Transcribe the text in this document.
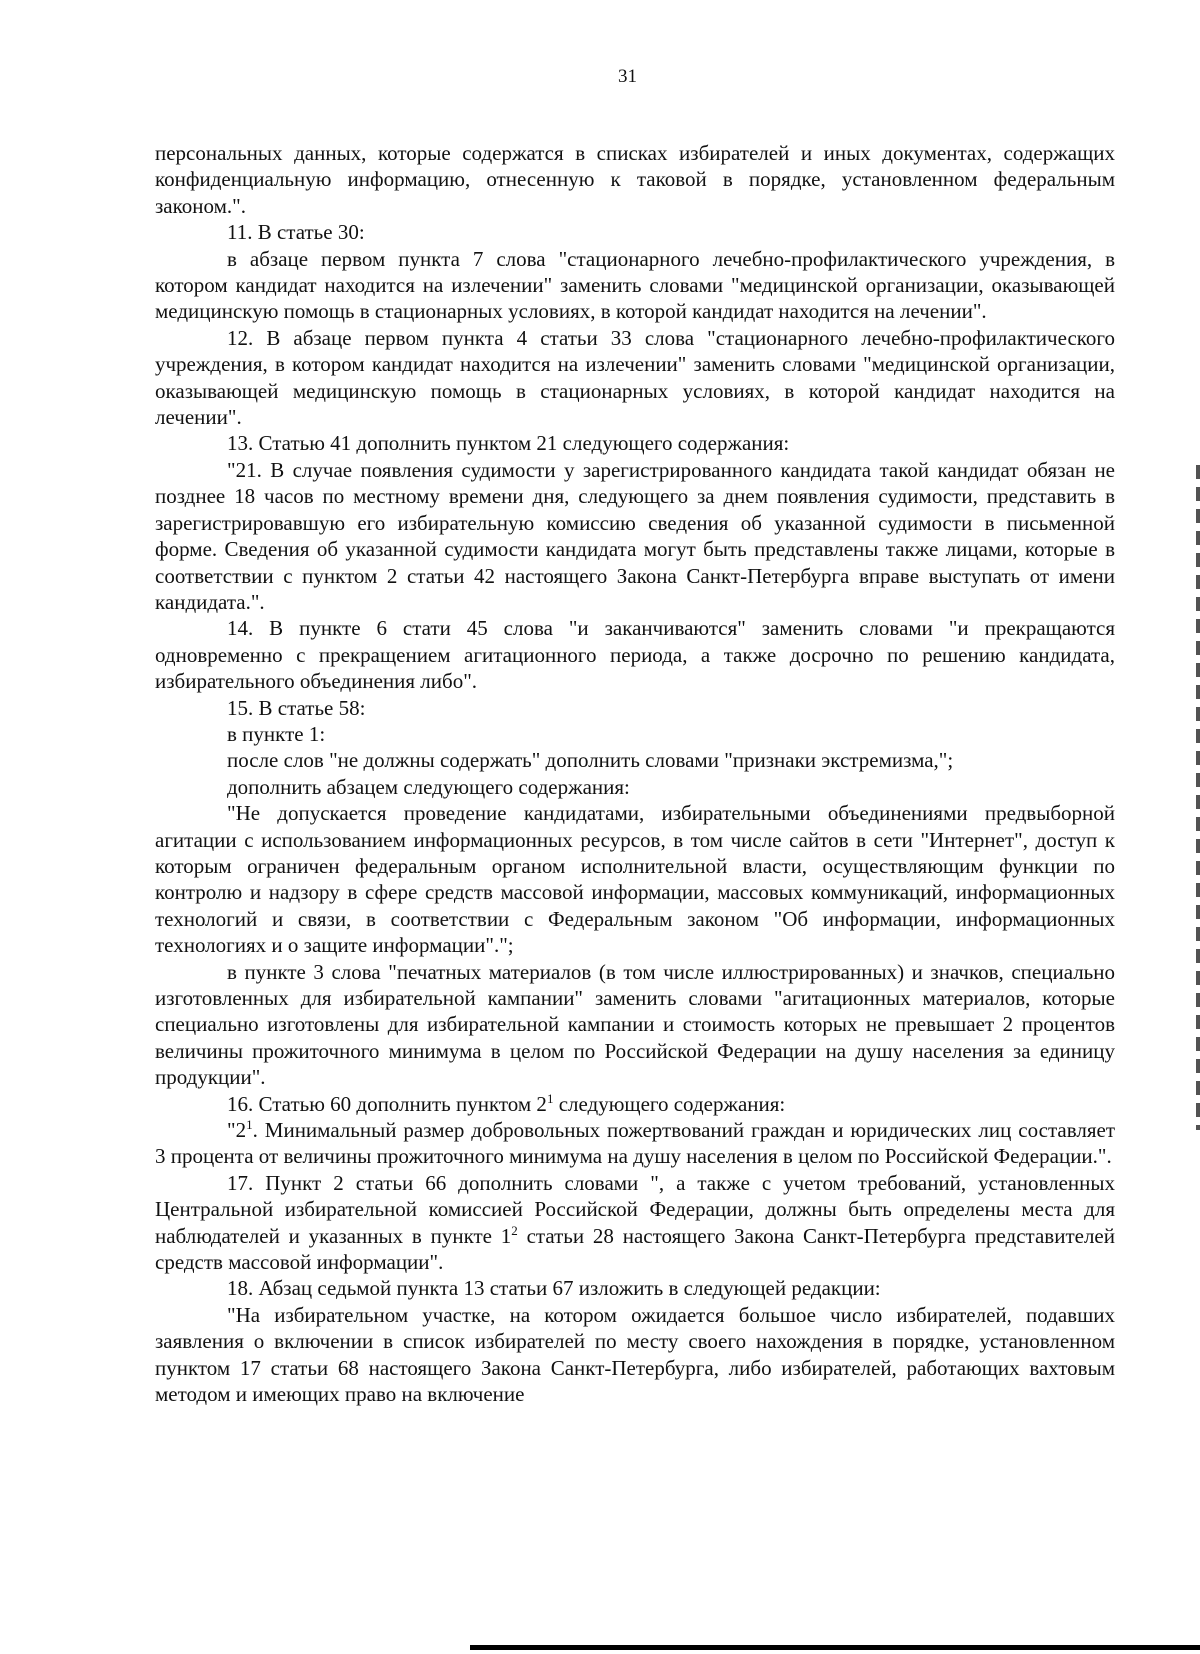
31

персональных данных, которые содержатся в списках избирателей и иных документах, содержащих конфиденциальную информацию, отнесенную к таковой в порядке, установленном федеральным законом.".

11. В статье 30:

в абзаце первом пункта 7 слова "стационарного лечебно-профилактического учреждения, в котором кандидат находится на излечении" заменить словами "медицинской организации, оказывающей медицинскую помощь в стационарных условиях, в которой кандидат находится на лечении".

12. В абзаце первом пункта 4 статьи 33 слова "стационарного лечебно-профилактического учреждения, в котором кандидат находится на излечении" заменить словами "медицинской организации, оказывающей медицинскую помощь в стационарных условиях, в которой кандидат находится на лечении".

13. Статью 41 дополнить пунктом 21 следующего содержания:

"21. В случае появления судимости у зарегистрированного кандидата такой кандидат обязан не позднее 18 часов по местному времени дня, следующего за днем появления судимости, представить в зарегистрировавшую его избирательную комиссию сведения об указанной судимости в письменной форме. Сведения об указанной судимости кандидата могут быть представлены также лицами, которые в соответствии с пунктом 2 статьи 42 настоящего Закона Санкт-Петербурга вправе выступать от имени кандидата.".

14. В пункте 6 стати 45 слова "и заканчиваются" заменить словами "и прекращаются одновременно с прекращением агитационного периода, а также досрочно по решению кандидата, избирательного объединения либо".

15. В статье 58:

в пункте 1:

после слов "не должны содержать" дополнить словами "признаки экстремизма,";

дополнить абзацем следующего содержания:

"Не допускается проведение кандидатами, избирательными объединениями предвыборной агитации с использованием информационных ресурсов, в том числе сайтов в сети "Интернет", доступ к которым ограничен федеральным органом исполнительной власти, осуществляющим функции по контролю и надзору в сфере средств массовой информации, массовых коммуникаций, информационных технологий и связи, в соответствии с Федеральным законом "Об информации, информационных технологиях и о защите информации".";

в пункте 3 слова "печатных материалов (в том числе иллюстрированных) и значков, специально изготовленных для избирательной кампании" заменить словами "агитационных материалов, которые специально изготовлены для избирательной кампании и стоимость которых не превышает 2 процентов величины прожиточного минимума в целом по Российской Федерации на душу населения за единицу продукции".

16. Статью 60 дополнить пунктом $2^1$ следующего содержания:

"$2^1$. Минимальный размер добровольных пожертвований граждан и юридических лиц составляет 3 процента от величины прожиточного минимума на душу населения в целом по Российской Федерации.".

17. Пункт 2 статьи 66 дополнить словами ", а также с учетом требований, установленных Центральной избирательной комиссией Российской Федерации, должны быть определены места для наблюдателей и указанных в пункте $1^2$ статьи 28 настоящего Закона Санкт-Петербурга представителей средств массовой информации".

18. Абзац седьмой пункта 13 статьи 67 изложить в следующей редакции:

"На избирательном участке, на котором ожидается большое число избирателей, подавших заявления о включении в список избирателей по месту своего нахождения в порядке, установленном пунктом 17 статьи 68 настоящего Закона Санкт-Петербурга, либо избирателей, работающих вахтовым методом и имеющих право на включение
